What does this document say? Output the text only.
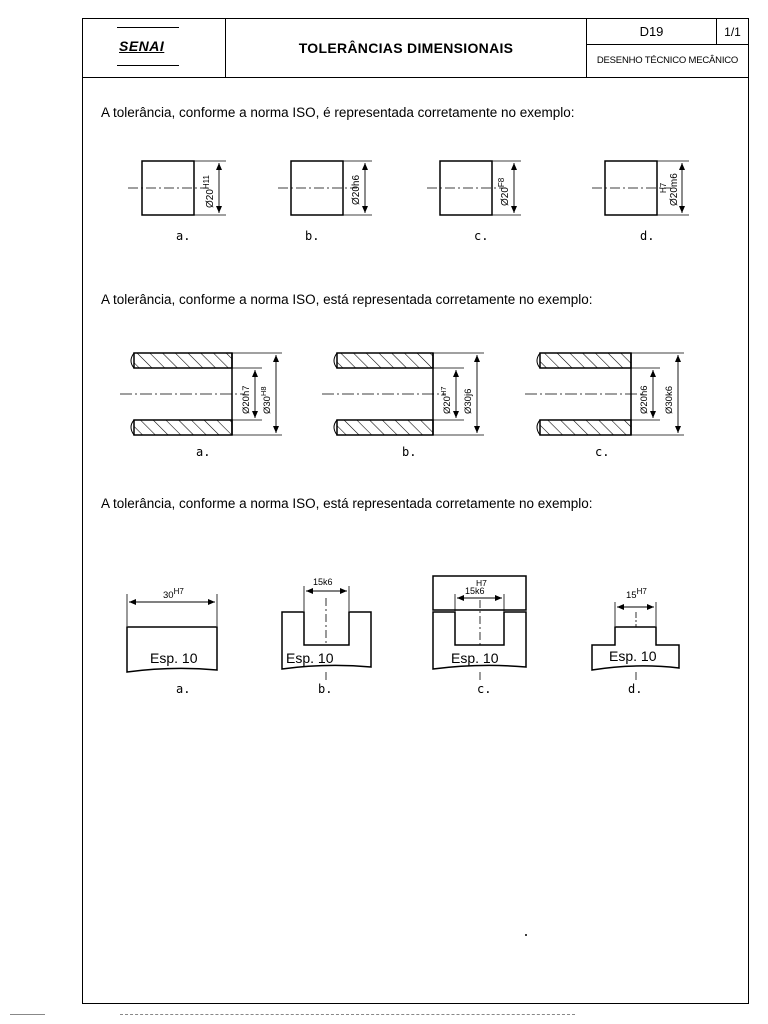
SENAI	TOLERÂNCIAS DIMENSIONAIS
D19	1/1
DESENHO TÉCNICO MECÂNICO
A tolerância, conforme a norma ISO, é representada corretamente no exemplo:
A tolerância, conforme a norma ISO, está representada corretamente no exemplo:
A tolerância, conforme a norma ISO, está representada corretamente no exemplo:
$Ø20^{H11}$
a.
Ø20h6
b.
$Ø20^{F8}$
c.
H7 Ø20m6
d.
Ø20h7	$Ø30^{H8}$
a.
$Ø20^{H7}$	Ø30j6
b.
Ø20h6 Ø30k6
c.
$30^{H7}$
Esp. 10
a.
15k6
Esp. 10
b.
H7
15k6
Esp. 10
c.
$15^{H7}$
Esp. 10
d.
